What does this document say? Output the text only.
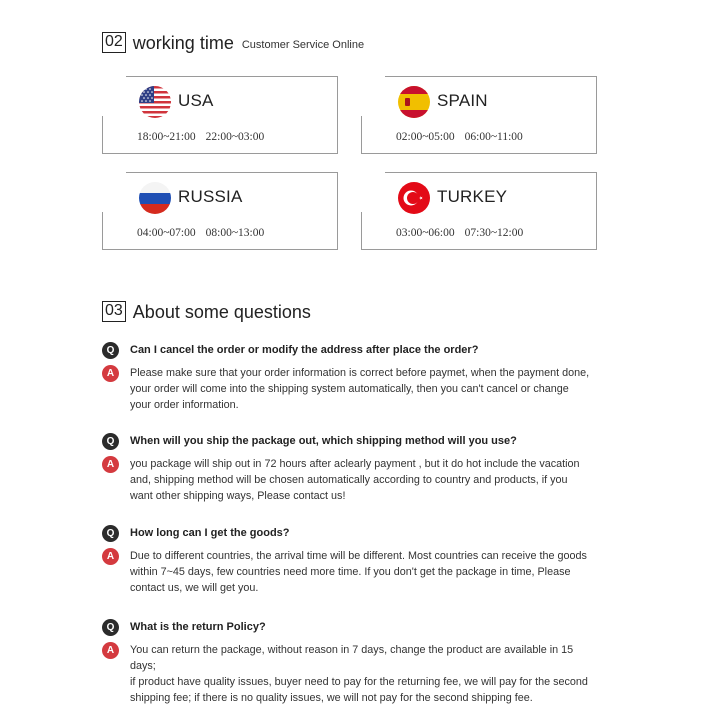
02 working time Customer Service Online
USA
18:00~21:00 22:00~03:00
SPAIN
02:00~05:00 06:00~11:00
RUSSIA
04:00~07:00 08:00~13:00
TURKEY
03:00~06:00 07:30~12:00
03 About some questions
Q	Can I cancel the order or modify the address after place the order?
A	Please make sure that your order information is correct before paymet, when the payment done,
your order will come into the shipping system automatically, then you can't cancel or change
your order information.
Q	When will you ship the package out, which shipping method will you use?
A	you package will ship out in 72 hours after aclearly payment , but it do hot include the vacation
and, shipping method will be chosen automatically according to country and products, if you
want other shipping ways, Please contact us!
Q	How long can I get the goods?
A	Due to different countries, the arrival time will be different. Most countries can receive the goods
within 7~45 days, few countries need more time. If you don't get the package in time, Please
contact us, we will get you.
Q	What is the return Policy?
A	You can return the package, without reason in 7 days, change the product are available in 15 days;
if product have quality issues, buyer need to pay for the returning fee, we will pay for the second
shipping fee; if there is no quality issues, we will not pay for the second shipping fee.
